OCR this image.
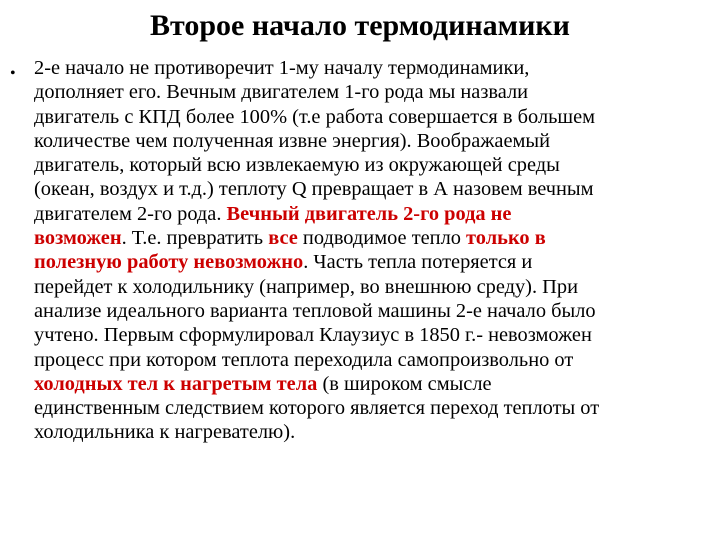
Второе начало термодинамики
• 2-е начало не противоречит 1-му началу термодинамики,
дополняет его. Вечным двигателем 1-го рода мы назвали
двигатель с КПД более 100% (т.е работа совершается в большем
количестве чем полученная извне энергия). Воображаемый
двигатель, который всю извлекаемую из окружающей среды
(океан, воздух и т.д.) теплоту Q превращает в А назовем вечным
двигателем 2-го рода. Вечный двигатель 2-го рода не
возможен. Т.е. превратить все подводимое тепло только в
полезную работу невозможно. Часть тепла потеряется и
перейдет к холодильнику (например, во внешнюю среду). При
анализе идеального варианта тепловой машины 2-е начало было
учтено. Первым сформулировал Клаузиус в 1850 г.- невозможен
процесс при котором теплота переходила самопроизвольно от
холодных тел к нагретым тела (в широком смысле
единственным следствием которого является переход теплоты от
холодильника к нагревателю).
